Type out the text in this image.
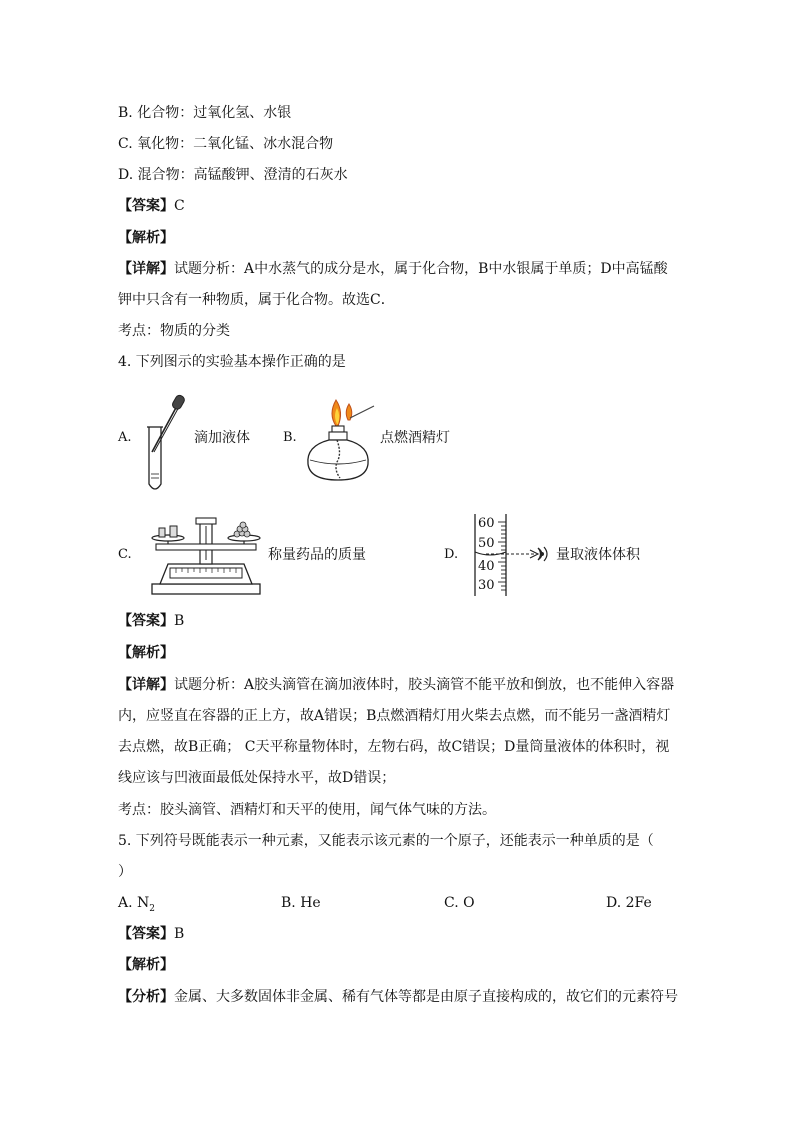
B. 化合物：过氧化氢、水银
C. 氧化物：二氧化锰、冰水混合物
D. 混合物：高锰酸钾、澄清的石灰水
【答案】C
【解析】
【详解】试题分析：A中水蒸气的成分是水，属于化合物，B中水银属于单质；D中高锰酸钾中只含有一种物质，属于化合物。故选C．
考点：物质的分类
4. 下列图示的实验基本操作正确的是
A.	滴加液体	B.	点燃酒精灯
C.	称量药品的质量	D.
60
50
40
30
量取液体体积
【答案】B
【解析】
【详解】试题分析：A胶头滴管在滴加液体时，胶头滴管不能平放和倒放，也不能伸入容器内，应竖直在容器的正上方，故A错误；B点燃酒精灯用火柴去点燃，而不能另一盏酒精灯去点燃，故B正确； C天平称量物体时，左物右码，故C错误；D量筒量液体的体积时，视线应该与凹液面最低处保持水平，故D错误；
考点：胶头滴管、酒精灯和天平的使用，闻气体气味的方法。
5. 下列符号既能表示一种元素，又能表示该元素的一个原子，还能表示一种单质的是（
）
A. $N_2$	B. He	C. O	D. 2Fe
【答案】B
【解析】
【分析】金属、大多数固体非金属、稀有气体等都是由原子直接构成的，故它们的元素符号
